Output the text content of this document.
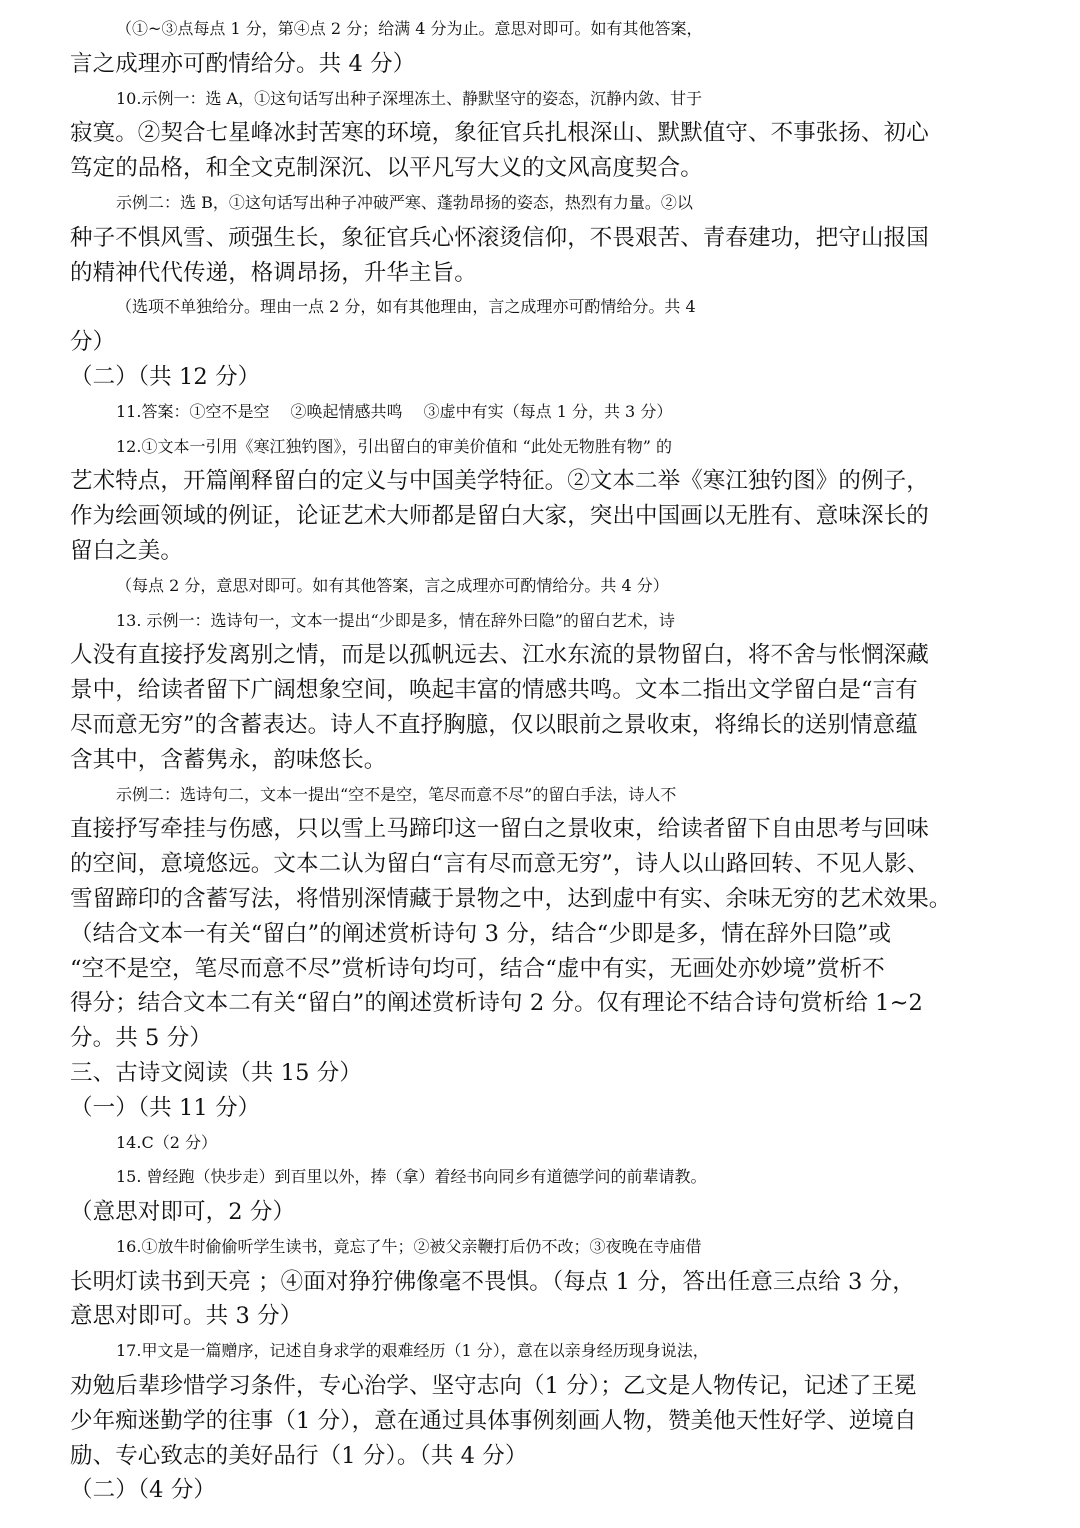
（①~③点每点 1 分，第④点 2 分；给满 4 分为止。意思对即可。如有其他答案，
言之成理亦可酌情给分。共 4 分）
10.示例一：选 A，①这句话写出种子深埋冻土、静默坚守的姿态，沉静内敛、甘于
寂寞。②契合七星峰冰封苦寒的环境，象征官兵扎根深山、默默值守、不事张扬、初心
笃定的品格，和全文克制深沉、以平凡写大义的文风高度契合。
示例二：选 B，①这句话写出种子冲破严寒、蓬勃昂扬的姿态，热烈有力量。②以
种子不惧风雪、顽强生长，象征官兵心怀滚烫信仰，不畏艰苦、青春建功，把守山报国
的精神代代传递，格调昂扬，升华主旨。
（选项不单独给分。理由一点 2 分，如有其他理由，言之成理亦可酌情给分。共 4
分）
（二）（共 12 分）
11.答案：①空不是空　 ②唤起情感共鸣　 ③虚中有实（每点 1 分，共 3 分）
12.①文本一引用《寒江独钓图》，引出留白的审美价值和 “此处无物胜有物” 的
艺术特点，开篇阐释留白的定义与中国美学特征。②文本二举《寒江独钓图》的例子，
作为绘画领域的例证，论证艺术大师都是留白大家，突出中国画以无胜有、意味深长的
留白之美。
（每点 2 分，意思对即可。如有其他答案，言之成理亦可酌情给分。共 4 分）
13. 示例一：选诗句一，文本一提出“少即是多，情在辞外曰隐”的留白艺术，诗
人没有直接抒发离别之情，而是以孤帆远去、江水东流的景物留白，将不舍与怅惘深藏
景中，给读者留下广阔想象空间，唤起丰富的情感共鸣。文本二指出文学留白是“言有
尽而意无穷”的含蓄表达。诗人不直抒胸臆，仅以眼前之景收束，将绵长的送别情意蕴
含其中，含蓄隽永，韵味悠长。
示例二：选诗句二，文本一提出“空不是空，笔尽而意不尽”的留白手法，诗人不
直接抒写牵挂与伤感，只以雪上马蹄印这一留白之景收束，给读者留下自由思考与回味
的空间，意境悠远。文本二认为留白“言有尽而意无穷”，诗人以山路回转、不见人影、
雪留蹄印的含蓄写法，将惜别深情藏于景物之中，达到虚中有实、余味无穷的艺术效果。
（结合文本一有关“留白”的阐述赏析诗句 3 分，结合“少即是多，情在辞外曰隐”或
“空不是空，笔尽而意不尽”赏析诗句均可，结合“虚中有实，无画处亦妙境”赏析不
得分；结合文本二有关“留白”的阐述赏析诗句 2 分。仅有理论不结合诗句赏析给 1~2
分。共 5 分）
三、古诗文阅读（共 15 分）
（一）（共 11 分）
14.C（2 分）
15. 曾经跑（快步走）到百里以外，捧（拿）着经书向同乡有道德学问的前辈请教。
（意思对即可，2 分）
16.①放牛时偷偷听学生读书，竟忘了牛；②被父亲鞭打后仍不改；③夜晚在寺庙借
长明灯读书到天亮 ；④面对狰狞佛像毫不畏惧。（每点 1 分，答出任意三点给 3 分，
意思对即可。共 3 分）
17.甲文是一篇赠序，记述自身求学的艰难经历（1 分），意在以亲身经历现身说法，
劝勉后辈珍惜学习条件，专心治学、坚守志向（1 分）；乙文是人物传记，记述了王冕
少年痴迷勤学的往事（1 分），意在通过具体事例刻画人物，赞美他天性好学、逆境自
励、专心致志的美好品行（1 分）。（共 4 分）
（二）（4 分）
